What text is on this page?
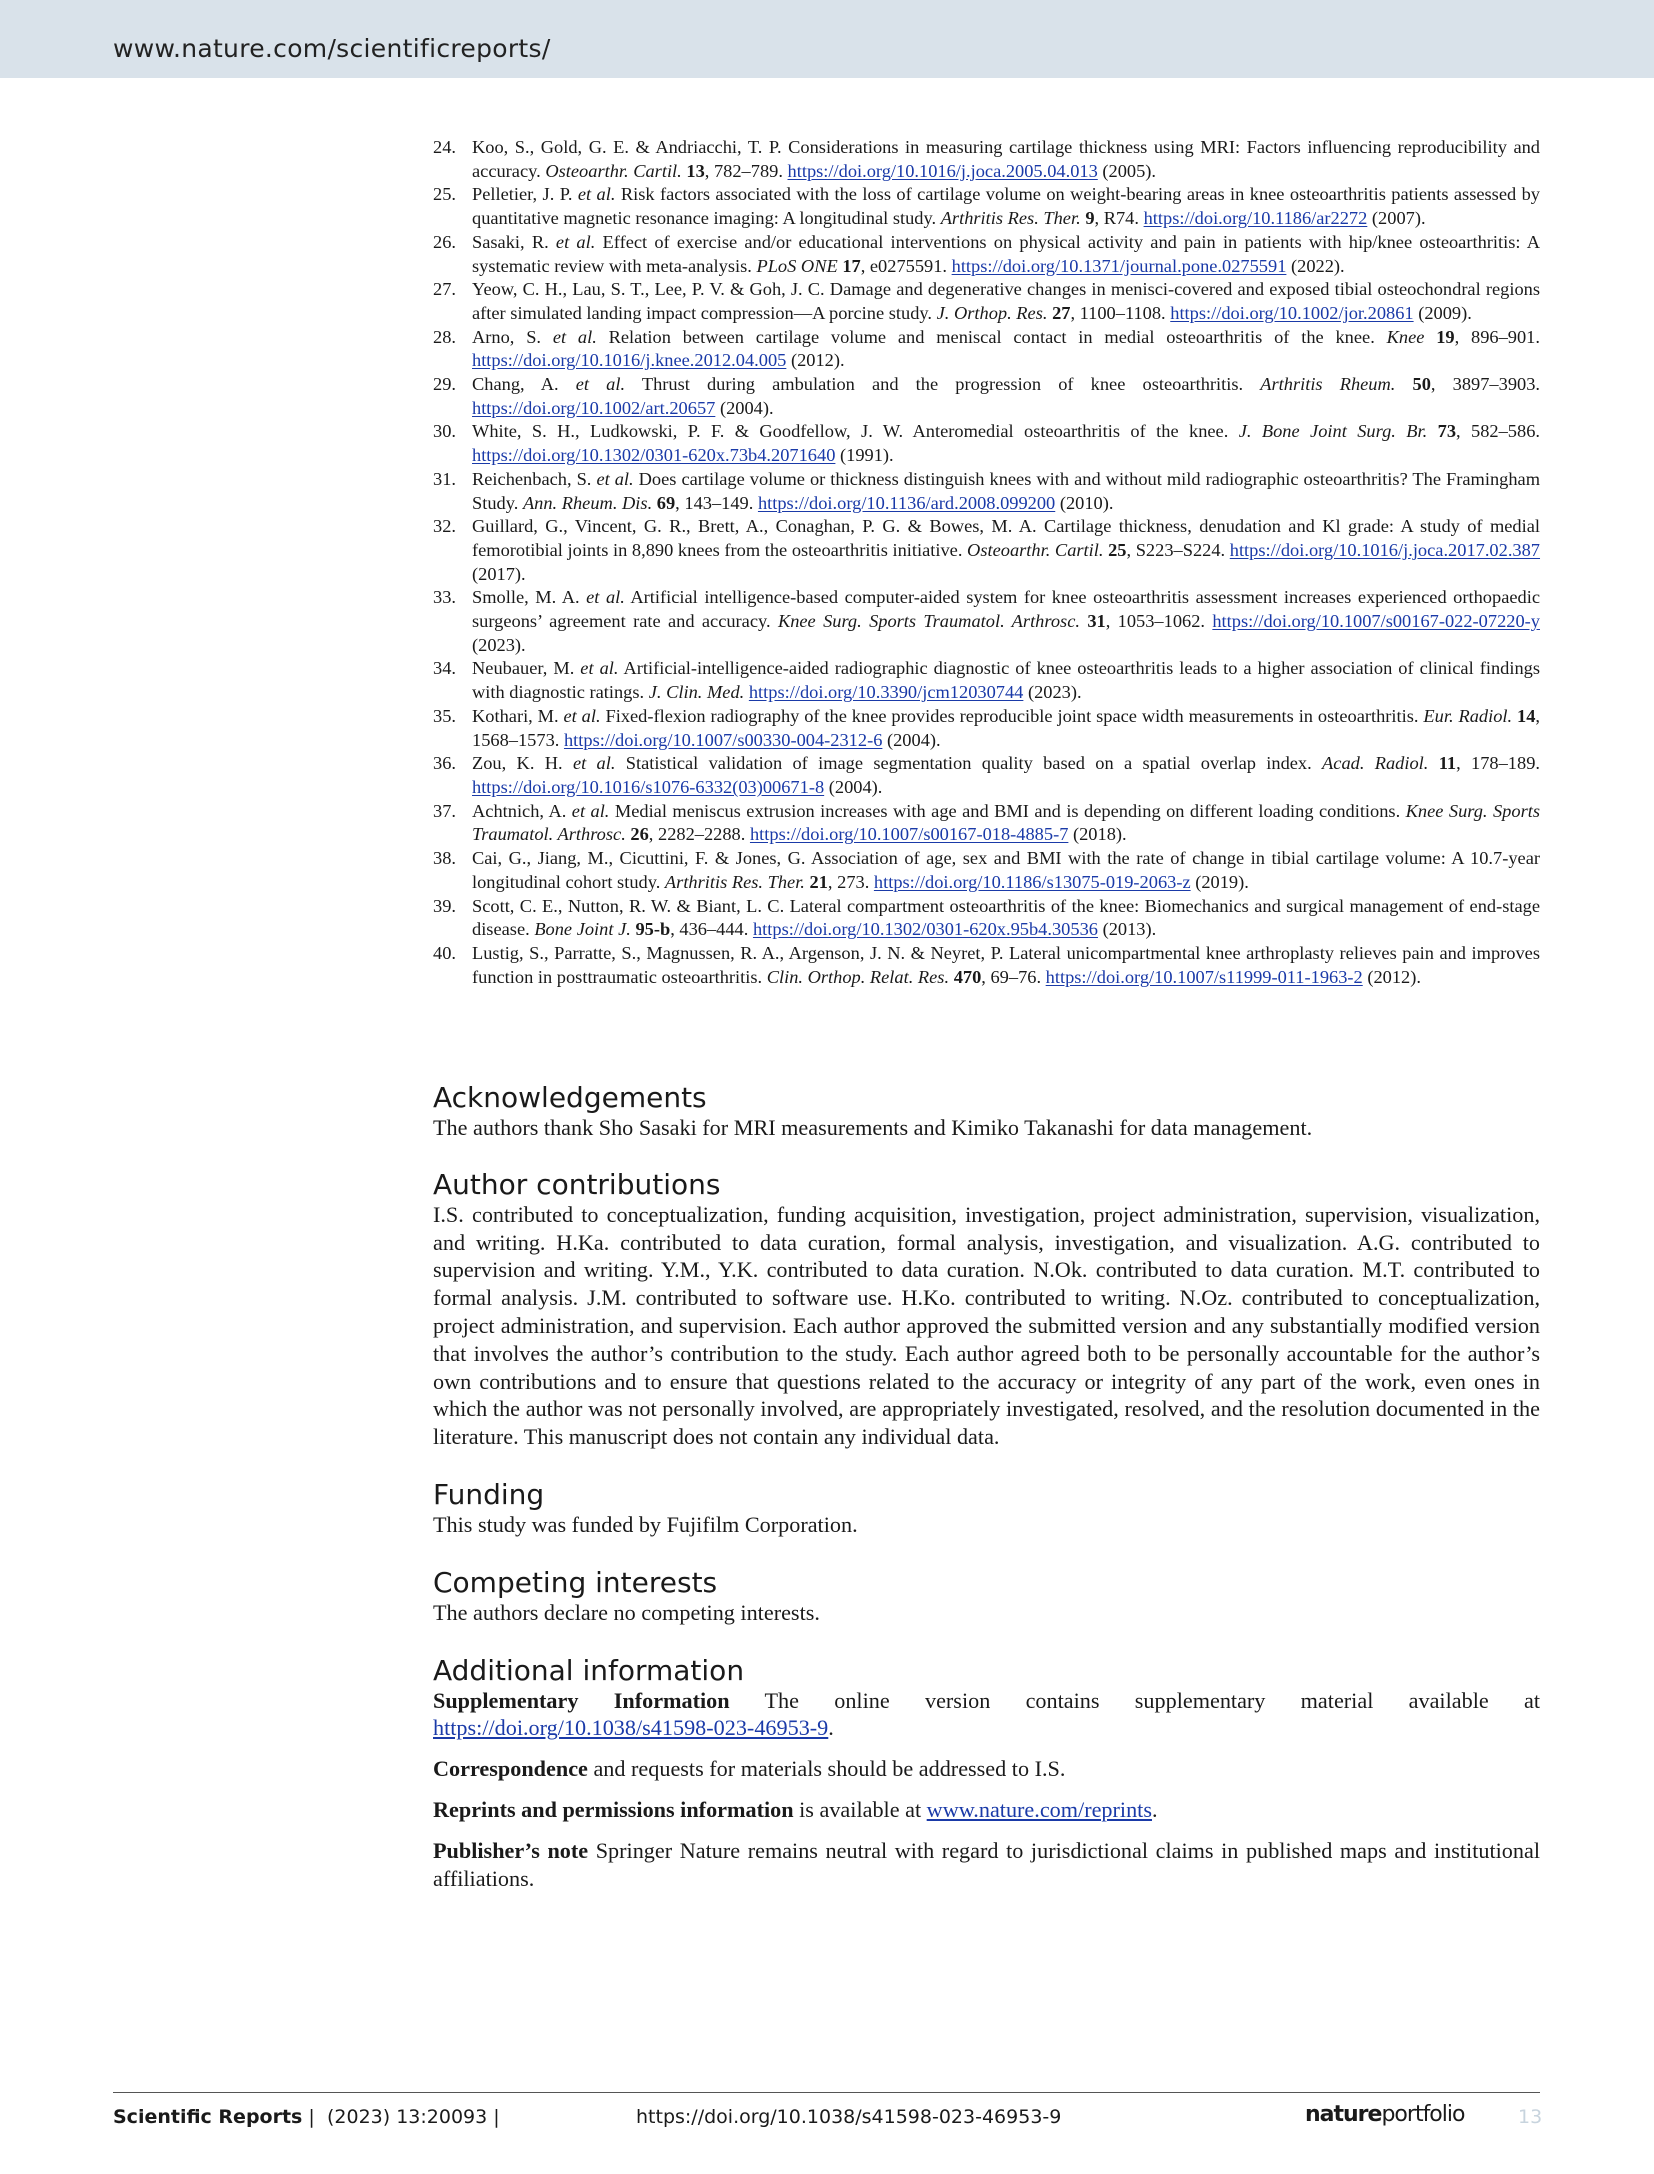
www.nature.com/scientificreports/
24. Koo, S., Gold, G. E. & Andriacchi, T. P. Considerations in measuring cartilage thickness using MRI: Factors influencing reproducibility and accuracy. Osteoarthr. Cartil. 13, 782–789. https://doi.org/10.1016/j.joca.2005.04.013 (2005).
25. Pelletier, J. P. et al. Risk factors associated with the loss of cartilage volume on weight-bearing areas in knee osteoarthritis patients assessed by quantitative magnetic resonance imaging: A longitudinal study. Arthritis Res. Ther. 9, R74. https://doi.org/10.1186/ar2272 (2007).
26. Sasaki, R. et al. Effect of exercise and/or educational interventions on physical activity and pain in patients with hip/knee osteoarthritis: A systematic review with meta-analysis. PLoS ONE 17, e0275591. https://doi.org/10.1371/journal.pone.0275591 (2022).
27. Yeow, C. H., Lau, S. T., Lee, P. V. & Goh, J. C. Damage and degenerative changes in menisci-covered and exposed tibial osteochondral regions after simulated landing impact compression—A porcine study. J. Orthop. Res. 27, 1100–1108. https://doi.org/10.1002/jor.20861 (2009).
28. Arno, S. et al. Relation between cartilage volume and meniscal contact in medial osteoarthritis of the knee. Knee 19, 896–901. https://doi.org/10.1016/j.knee.2012.04.005 (2012).
29. Chang, A. et al. Thrust during ambulation and the progression of knee osteoarthritis. Arthritis Rheum. 50, 3897–3903. https://doi.org/10.1002/art.20657 (2004).
30. White, S. H., Ludkowski, P. F. & Goodfellow, J. W. Anteromedial osteoarthritis of the knee. J. Bone Joint Surg. Br. 73, 582–586. https://doi.org/10.1302/0301-620x.73b4.2071640 (1991).
31. Reichenbach, S. et al. Does cartilage volume or thickness distinguish knees with and without mild radiographic osteoarthritis? The Framingham Study. Ann. Rheum. Dis. 69, 143–149. https://doi.org/10.1136/ard.2008.099200 (2010).
32. Guillard, G., Vincent, G. R., Brett, A., Conaghan, P. G. & Bowes, M. A. Cartilage thickness, denudation and Kl grade: A study of medial femorotibial joints in 8,890 knees from the osteoarthritis initiative. Osteoarthr. Cartil. 25, S223–S224. https://doi.org/10.1016/j.joca.2017.02.387 (2017).
33. Smolle, M. A. et al. Artificial intelligence-based computer-aided system for knee osteoarthritis assessment increases experienced orthopaedic surgeons’ agreement rate and accuracy. Knee Surg. Sports Traumatol. Arthrosc. 31, 1053–1062. https://doi.org/10.1007/s00167-022-07220-y (2023).
34. Neubauer, M. et al. Artificial-intelligence-aided radiographic diagnostic of knee osteoarthritis leads to a higher association of clinical findings with diagnostic ratings. J. Clin. Med. https://doi.org/10.3390/jcm12030744 (2023).
35. Kothari, M. et al. Fixed-flexion radiography of the knee provides reproducible joint space width measurements in osteoarthritis. Eur. Radiol. 14, 1568–1573. https://doi.org/10.1007/s00330-004-2312-6 (2004).
36. Zou, K. H. et al. Statistical validation of image segmentation quality based on a spatial overlap index. Acad. Radiol. 11, 178–189. https://doi.org/10.1016/s1076-6332(03)00671-8 (2004).
37. Achtnich, A. et al. Medial meniscus extrusion increases with age and BMI and is depending on different loading conditions. Knee Surg. Sports Traumatol. Arthrosc. 26, 2282–2288. https://doi.org/10.1007/s00167-018-4885-7 (2018).
38. Cai, G., Jiang, M., Cicuttini, F. & Jones, G. Association of age, sex and BMI with the rate of change in tibial cartilage volume: A 10.7-year longitudinal cohort study. Arthritis Res. Ther. 21, 273. https://doi.org/10.1186/s13075-019-2063-z (2019).
39. Scott, C. E., Nutton, R. W. & Biant, L. C. Lateral compartment osteoarthritis of the knee: Biomechanics and surgical management of end-stage disease. Bone Joint J. 95-b, 436–444. https://doi.org/10.1302/0301-620x.95b4.30536 (2013).
40. Lustig, S., Parratte, S., Magnussen, R. A., Argenson, J. N. & Neyret, P. Lateral unicompartmental knee arthroplasty relieves pain and improves function in posttraumatic osteoarthritis. Clin. Orthop. Relat. Res. 470, 69–76. https://doi.org/10.1007/s11999-011-1963-2 (2012).
Acknowledgements

The authors thank Sho Sasaki for MRI measurements and Kimiko Takanashi for data management.

Author contributions

I.S. contributed to conceptualization, funding acquisition, investigation, project administration, supervision, visualization, and writing. H.Ka. contributed to data curation, formal analysis, investigation, and visualization. A.G. contributed to supervision and writing. Y.M., Y.K. contributed to data curation. N.Ok. contributed to data curation. M.T. contributed to formal analysis. J.M. contributed to software use. H.Ko. contributed to writing. N.Oz. contributed to conceptualization, project administration, and supervision. Each author approved the submitted version and any substantially modified version that involves the author’s contribution to the study. Each author agreed both to be personally accountable for the author’s own contributions and to ensure that questions related to the accuracy or integrity of any part of the work, even ones in which the author was not personally involved, are appropriately investigated, resolved, and the resolution documented in the literature. This manuscript does not contain any individual data.

Funding

This study was funded by Fujifilm Corporation.

Competing interests

The authors declare no competing interests.

Additional information

Supplementary Information The online version contains supplementary material available at https://doi.org/10.1038/s41598-023-46953-9.

Correspondence and requests for materials should be addressed to I.S.

Reprints and permissions information is available at www.nature.com/reprints.

Publisher’s note Springer Nature remains neutral with regard to jurisdictional claims in published maps and institutional affiliations.

Scientific Reports | (2023) 13:20093 |	https://doi.org/10.1038/s41598-023-46953-9	natureportfolio	13
